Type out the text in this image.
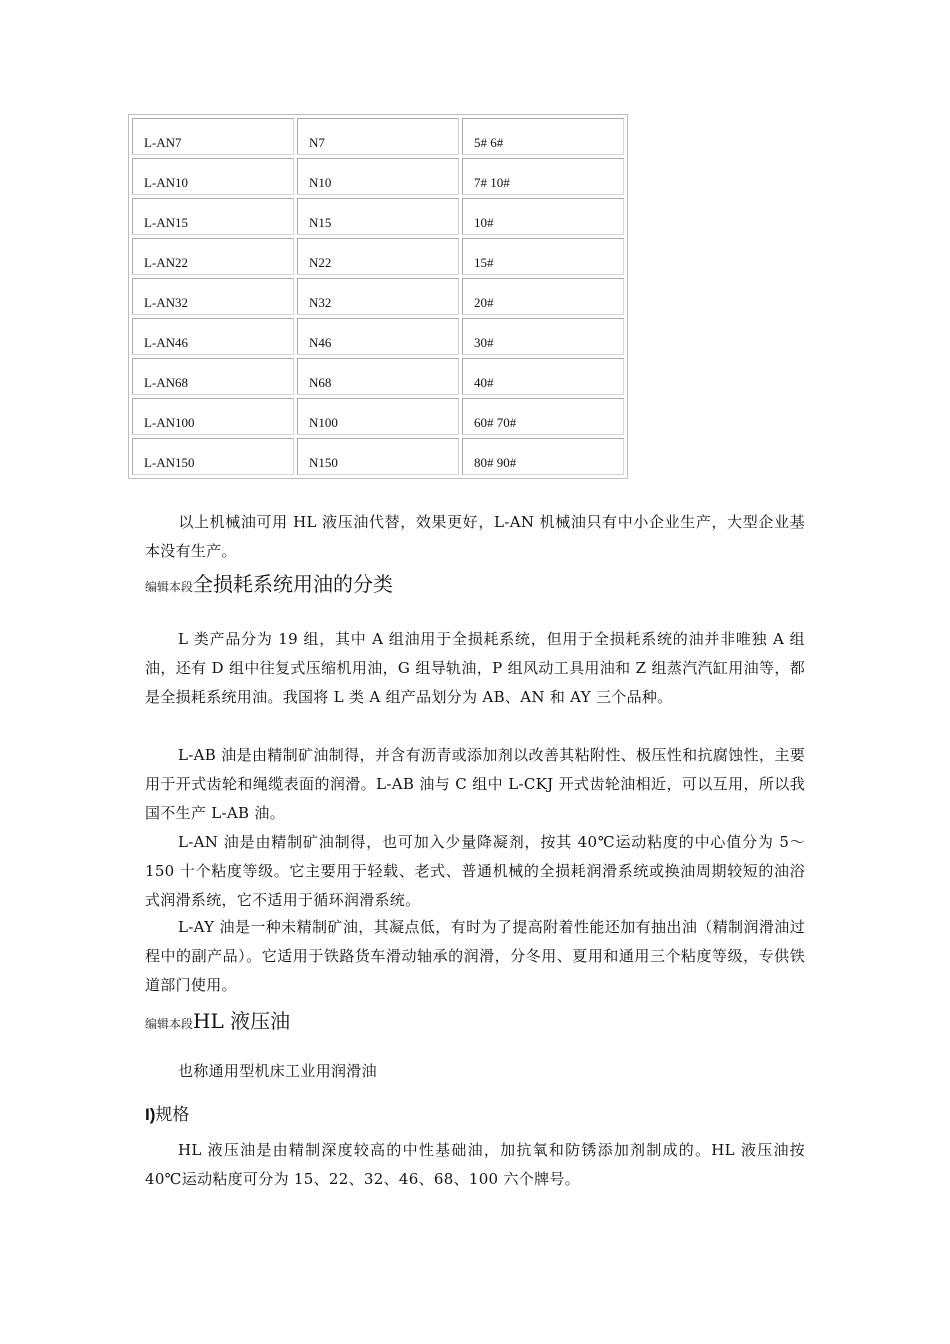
L-AN7	N7	5# 6#

L-AN10	N10	7# 10#

L-AN15	N15	10#

L-AN22	N22	15#

L-AN32	N32	20#

L-AN46	N46	30#

L-AN68	N68	40#

L-AN100	N100	60# 70#

L-AN150	N150	80# 90#
以上机械油可用 HL 液压油代替，效果更好，L-AN 机械油只有中小企业生产，大型企业基本没有生产。
编辑本段全损耗系统用油的分类
L 类产品分为 19 组，其中 A 组油用于全损耗系统，但用于全损耗系统的油并非唯独 A 组油，还有 D 组中往复式压缩机用油，G 组导轨油，P 组风动工具用油和 Z 组蒸汽汽缸用油等，都是全损耗系统用油。我国将 L 类 A 组产品划分为 AB、AN 和 AY 三个品种。
L-AB 油是由精制矿油制得，并含有沥青或添加剂以改善其粘附性、极压性和抗腐蚀性，主要用于开式齿轮和绳缆表面的润滑。L-AB 油与 C 组中 L-CKJ 开式齿轮油相近，可以互用，所以我国不生产 L-AB 油。
L-AN 油是由精制矿油制得，也可加入少量降凝剂，按其 40℃运动粘度的中心值分为 5～150 十个粘度等级。它主要用于轻载、老式、普通机械的全损耗润滑系统或换油周期较短的油浴式润滑系统，它不适用于循环润滑系统。
L-AY 油是一种未精制矿油，其凝点低，有时为了提高附着性能还加有抽出油（精制润滑油过程中的副产品）。它适用于铁路货车滑动轴承的润滑，分冬用、夏用和通用三个粘度等级，专供铁道部门使用。
编辑本段HL 液压油
也称通用型机床工业用润滑油
I)规格
HL 液压油是由精制深度较高的中性基础油，加抗氧和防锈添加剂制成的。HL 液压油按 40℃运动粘度可分为 15、22、32、46、68、100 六个牌号。
